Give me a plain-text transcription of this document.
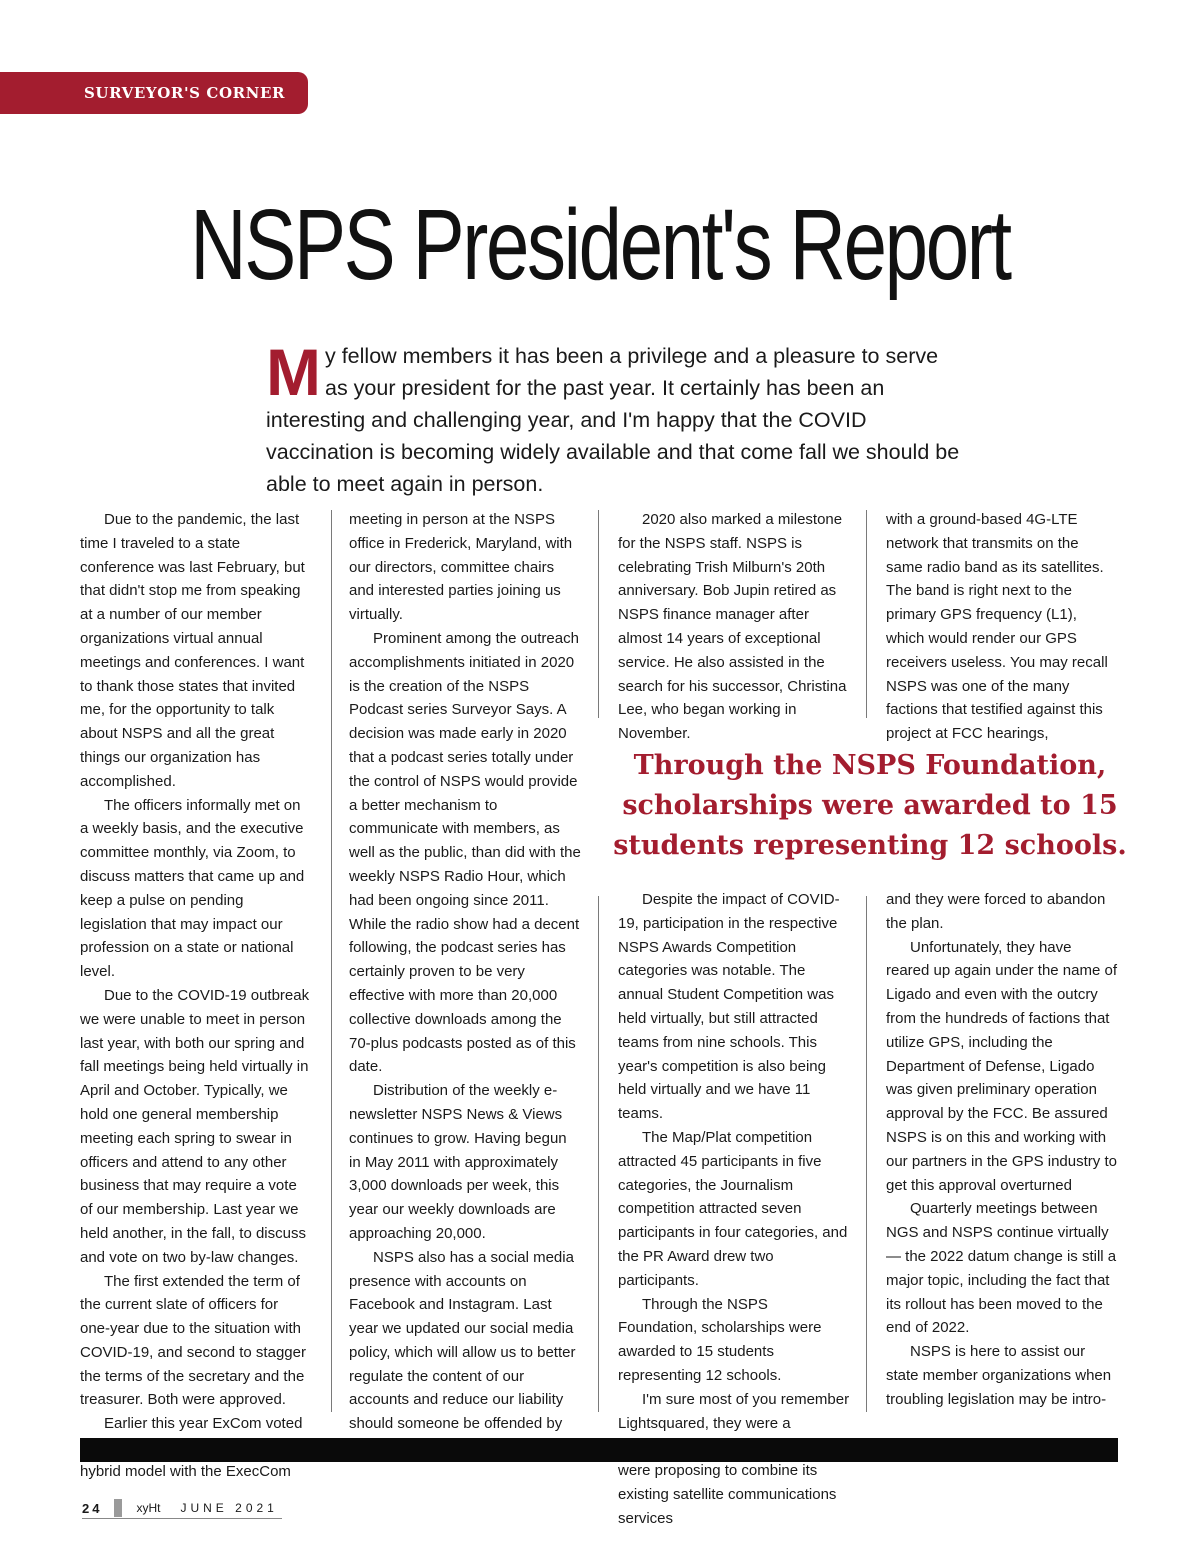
SURVEYOR'S CORNER
NSPS President's Report
M y fellow members it has been a privilege and a pleasure to serve as your president for the past year. It certainly has been an interesting and challenging year, and I'm happy that the COVID vaccination is becoming widely available and that come fall we should be able to meet again in person.

Due to the pandemic, the last time I traveled to a state conference was last February, but that didn't stop me from speaking at a number of our member organizations virtual annual meetings and conferences. I want to thank those states that invited me, for the opportunity to talk about NSPS and all the great things our organization has accomplished.

The officers informally met on a weekly basis, and the executive committee monthly, via Zoom, to discuss matters that came up and keep a pulse on pending legislation that may impact our profession on a state or national level.

Due to the COVID-19 outbreak we were unable to meet in person last year, with both our spring and fall meetings being held virtually in April and October. Typically, we hold one general membership meeting each spring to swear in officers and attend to any other business that may require a vote of our membership. Last year we held another, in the fall, to discuss and vote on two by-law changes.

The first extended the term of the current slate of officers for one-year due to the situation with COVID-19, and second to stagger the terms of the secretary and the treasurer. Both were approved.

Earlier this year ExCom voted hybrid model with the ExecCom

meeting in person at the NSPS office in Frederick, Maryland, with our directors, committee chairs and interested parties joining us virtually.

Prominent among the outreach accomplishments initiated in 2020 is the creation of the NSPS Podcast series Surveyor Says. A decision was made early in 2020 that a podcast series totally under the control of NSPS would provide a better mechanism to communicate with members, as well as the public, than did with the weekly NSPS Radio Hour, which had been ongoing since 2011. While the radio show had a decent following, the podcast series has certainly proven to be very effective with more than 20,000 collective downloads among the 70-plus podcasts posted as of this date.

Distribution of the weekly e-newsletter NSPS News & Views continues to grow. Having begun in May 2011 with approximately 3,000 downloads per week, this year our weekly downloads are approaching 20,000.

NSPS also has a social media presence with accounts on Facebook and Instagram. Last year we updated our social media policy, which will allow us to better regulate the content of our accounts and reduce our liability should someone be offended by

2020 also marked a milestone for the NSPS staff. NSPS is celebrating Trish Milburn's 20th anniversary. Bob Jupin retired as NSPS finance manager after almost 14 years of exceptional service. He also assisted in the search for his successor, Christina Lee, who began working in November.

with a ground-based 4G-LTE network that transmits on the same radio band as its satellites. The band is right next to the primary GPS frequency (L1), which would render our GPS receivers useless. You may recall NSPS was one of the many factions that testified against this project at FCC hearings,

Through the NSPS Foundation, scholarships were awarded to 15 students representing 12 schools.

Despite the impact of COVID-19, participation in the respective NSPS Awards Competition categories was notable. The annual Student Competition was held virtually, but still attracted teams from nine schools. This year's competition is also being held virtually and we have 11 teams.

The Map/Plat competition attracted 45 participants in five categories, the Journalism competition attracted seven participants in four categories, and the PR Award drew two participants.

Through the NSPS Foundation, scholarships were awarded to 15 students representing 12 schools.

I'm sure most of you remember Lightsquared, they were a were proposing to combine its existing satellite communications services

and they were forced to abandon the plan.

Unfortunately, they have reared up again under the name of Ligado and even with the outcry from the hundreds of factions that utilize GPS, including the Department of Defense, Ligado was given preliminary operation approval by the FCC. Be assured NSPS is on this and working with our partners in the GPS industry to get this approval overturned

Quarterly meetings between NGS and NSPS continue virtually — the 2022 datum change is still a major topic, including the fact that its rollout has been moved to the end of 2022.

NSPS is here to assist our state member organizations when troubling legislation may be intro-

24	xyHt JUNE 2021
